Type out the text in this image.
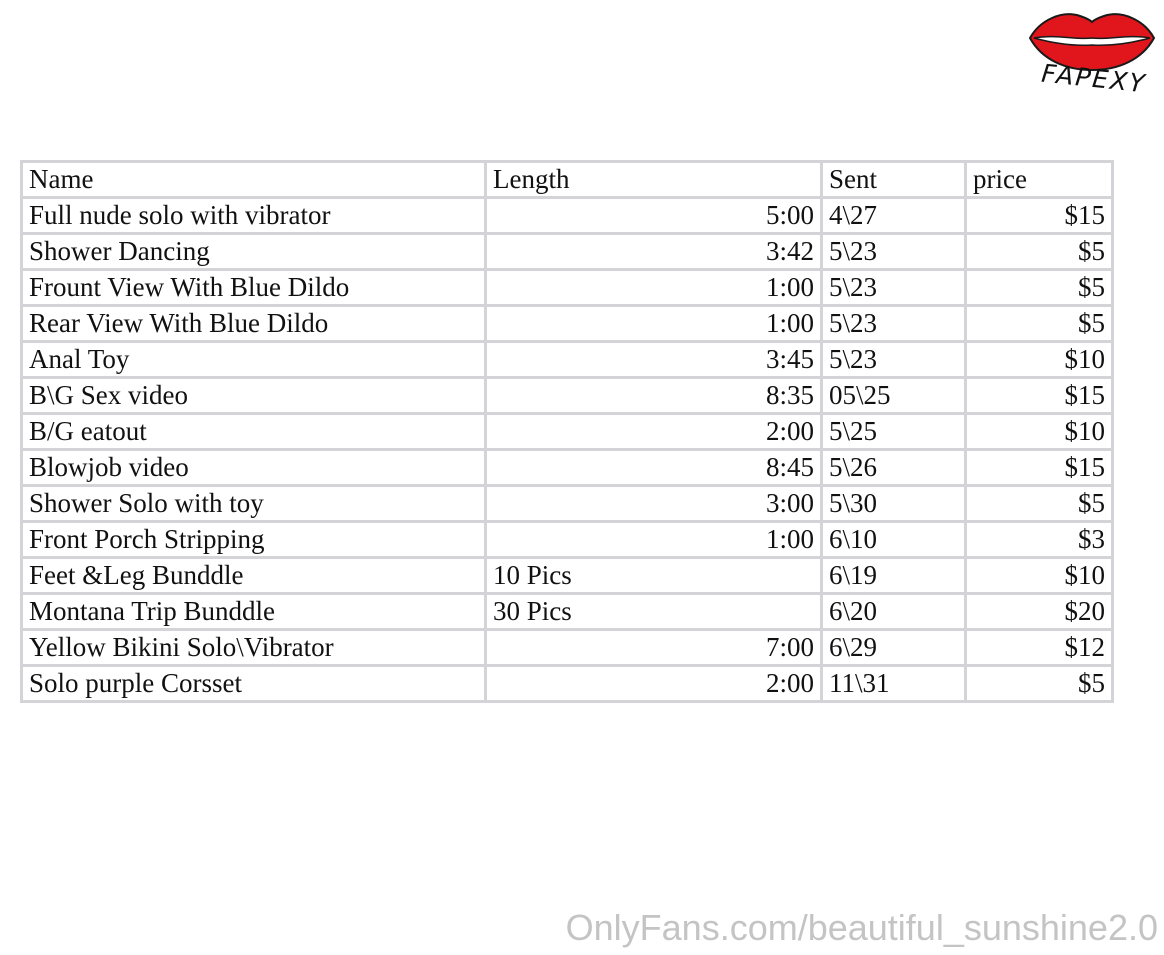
FAPEXY
Name	Length	Sent	price
Full nude solo with vibrator	5:00	4\27	$15
Shower Dancing	3:42	5\23	$5
Frount View With Blue Dildo	1:00	5\23	$5
Rear View With Blue Dildo	1:00	5\23	$5
Anal Toy	3:45	5\23	$10
B\G Sex video	8:35	05\25	$15
B/G eatout	2:00	5\25	$10
Blowjob video	8:45	5\26	$15
Shower Solo with toy	3:00	5\30	$5
Front Porch Stripping	1:00	6\10	$3
Feet &Leg Bunddle	10 Pics	6\19	$10
Montana Trip Bunddle	30 Pics	6\20	$20
Yellow Bikini Solo\Vibrator	7:00	6\29	$12
Solo purple Corsset	2:00	11\31	$5
OnlyFans.com/beautiful_sunshine2.0
